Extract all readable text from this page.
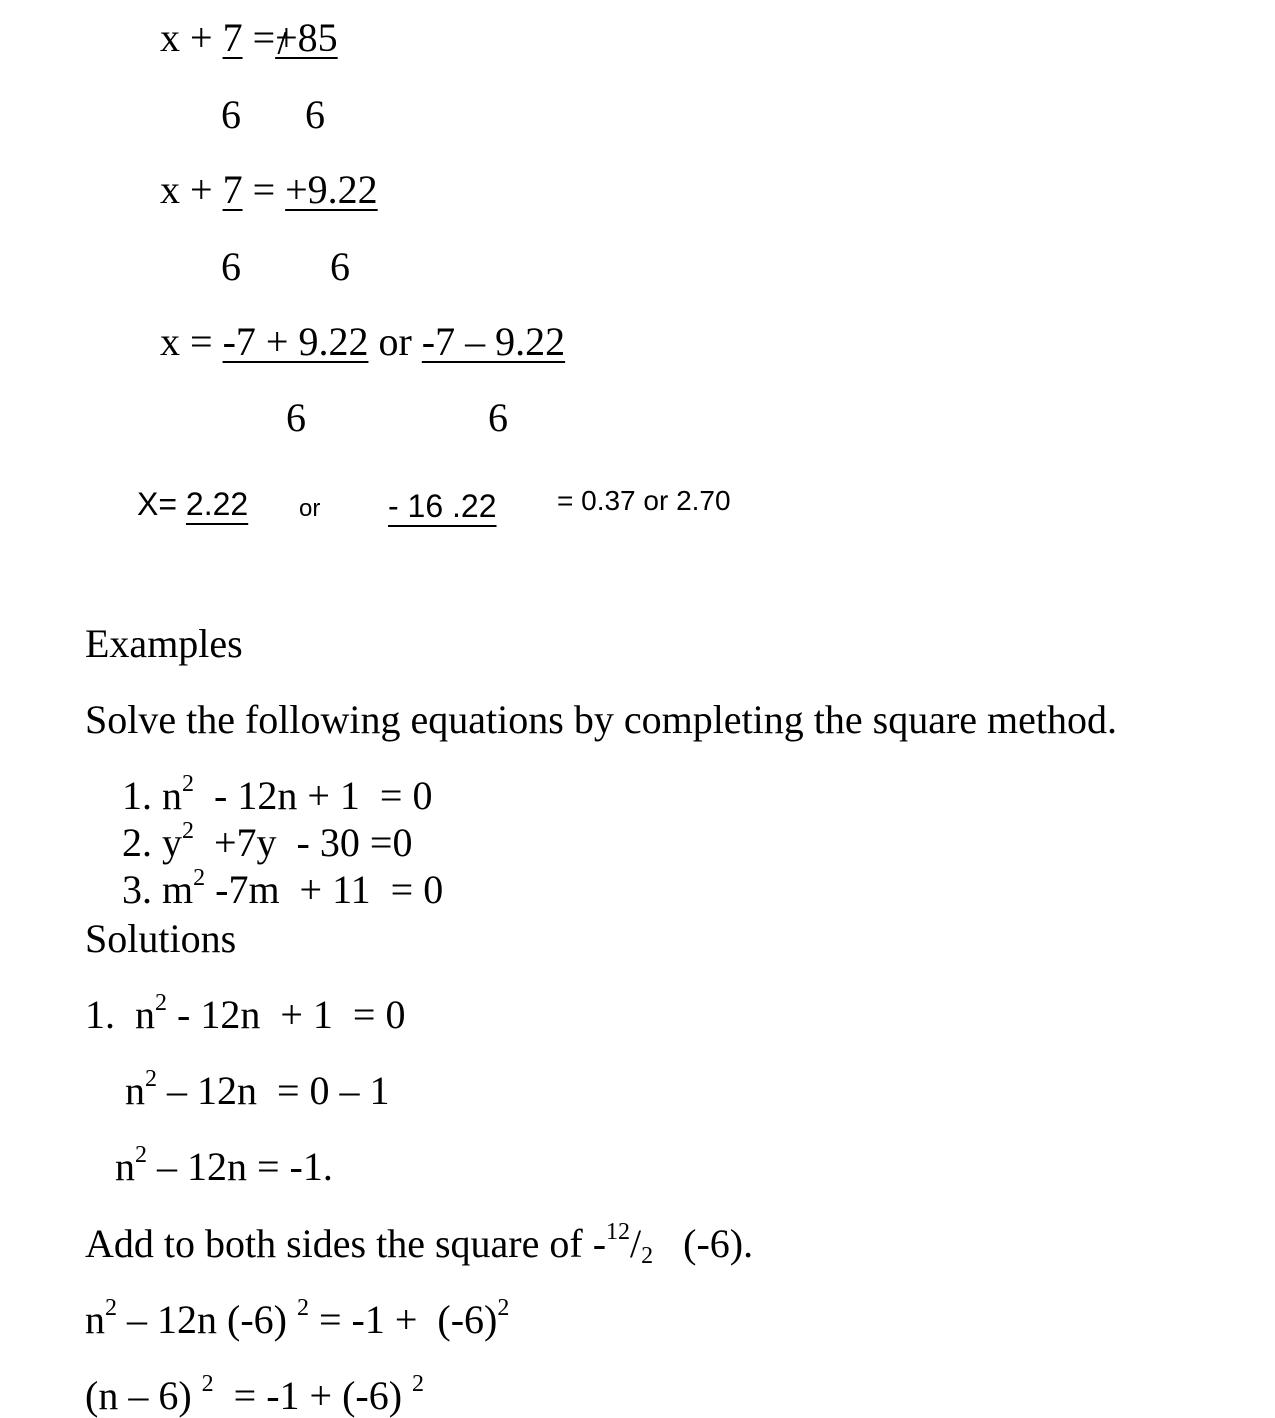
x + 7 =+85
6 6
x + 7 = +9.22
6 6
x = -7 + 9.22 or -7 – 9.22
6	6
X= 2.22 or - 16 .22 = 0.37 or 2.70
Examples
Solve the following equations by completing the square method.
1. $n^2 - 12n + 1 = 0$
2. $y^2 +7y - 30 =0$
3. $m^2$ -7m  + 11  = 0
Solutions
1. $n^2 - 12n + 1 = 0$
$n^2 - 12n = 0 - 1$
$n^2 - 12n = -1$.
Add to both sides the square of $-^{12}/_2$   (-6).
$n^2 - 12n$ (-6) $^2 = -1 + (-6)^2$
(n – 6) $^2$  = -1 + (-6) $^2$
